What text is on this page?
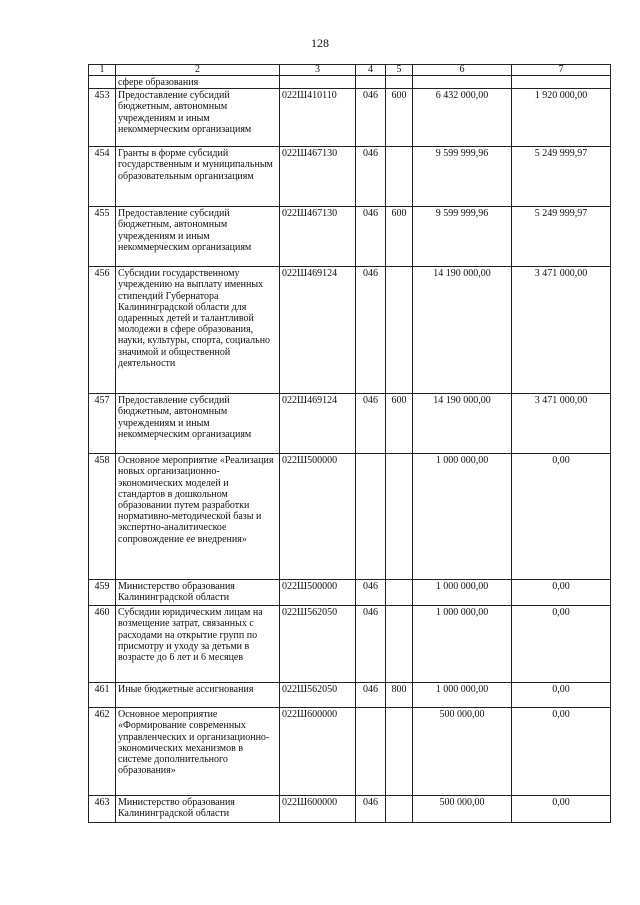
128
1	2	3	4	5	6	7
	сфере образования					
453	Предоставление субсидий бюджетным, автономным учреждениям и иным некоммерческим организациям	022Ш410110	046	600	6 432 000,00	1 920 000,00
454	Гранты в форме субсидий государственным и муниципальным образовательным организациям	022Ш467130	046		9 599 999,96	5 249 999,97
455	Предоставление субсидий бюджетным, автономным учреждениям и иным некоммерческим организациям	022Ш467130	046	600	9 599 999,96	5 249 999,97
456	Субсидии государственному учреждению на выплату именных стипендий Губернатора Калининградской области для одаренных детей и талантливой молодежи в сфере образования, науки, культуры, спорта, социально значимой и общественной деятельности	022Ш469124	046		14 190 000,00	3 471 000,00
457	Предоставление субсидий бюджетным, автономным учреждениям и иным некоммерческим организациям	022Ш469124	046	600	14 190 000,00	3 471 000,00
458	Основное мероприятие «Реализация новых организационно-экономических моделей и стандартов в дошкольном образовании путем разработки нормативно-методической базы и экспертно-аналитическое сопровождение ее внедрения»	022Ш500000			1 000 000,00	0,00
459	Министерство образования Калининградской области	022Ш500000	046		1 000 000,00	0,00
460	Субсидии юридическим лицам на возмещение затрат, связанных с расходами на открытие групп по присмотру и уходу за детьми в возрасте до 6 лет и 6 месяцев	022Ш562050	046		1 000 000,00	0,00
461	Иные бюджетные ассигнования	022Ш562050	046	800	1 000 000,00	0,00
462	Основное мероприятие «Формирование современных управленческих и организационно-экономических механизмов в системе дополнительного образования»	022Ш600000			500 000,00	0,00
463	Министерство образования Калининградской области	022Ш600000	046		500 000,00	0,00
